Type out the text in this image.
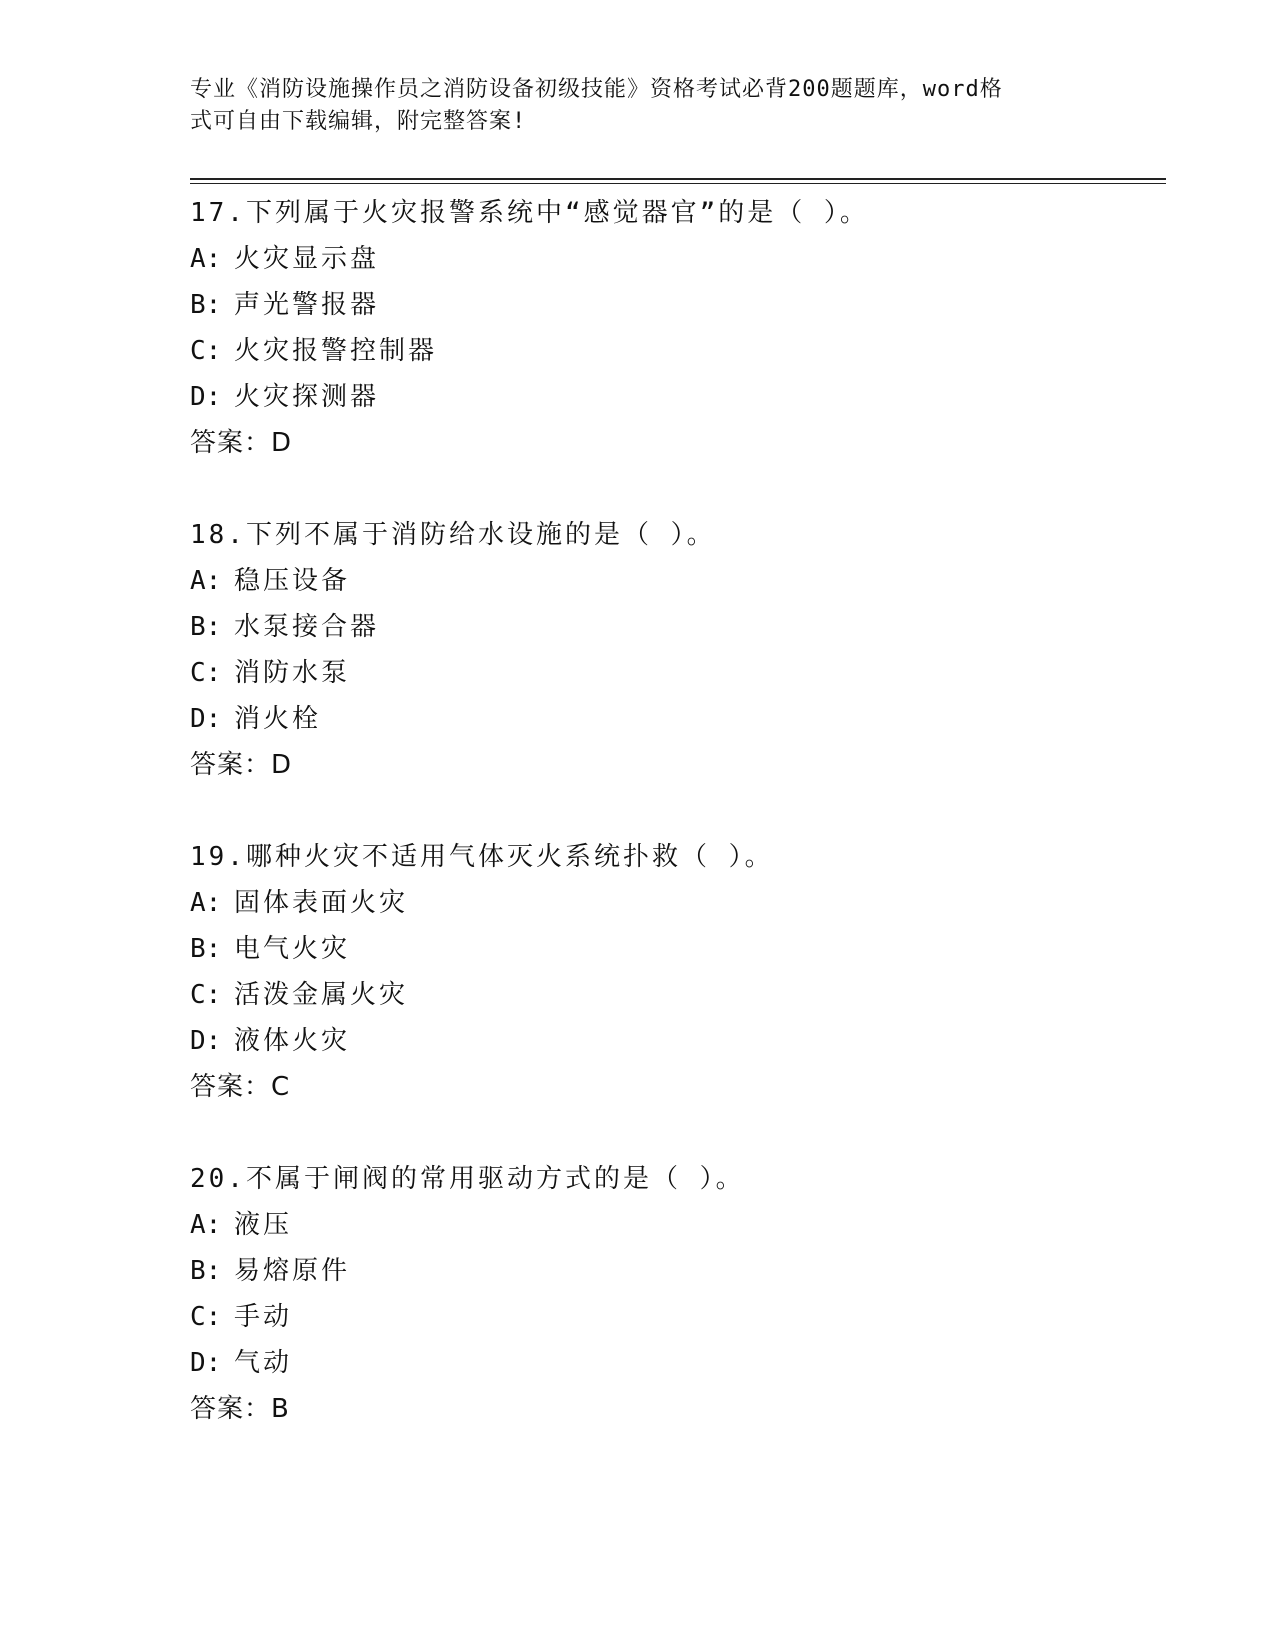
专业《消防设施操作员之消防设备初级技能》资格考试必背200题题库，word格

式可自由下载编辑，附完整答案!

17.下列属于火灾报警系统中“感觉器官”的是（ ）。
A: 火灾显示盘
B: 声光警报器
C: 火灾报警控制器
D: 火灾探测器
答案：D
18.下列不属于消防给水设施的是（ ）。
A: 稳压设备
B: 水泵接合器
C: 消防水泵
D: 消火栓
答案：D
19.哪种火灾不适用气体灭火系统扑救（ ）。
A: 固体表面火灾
B: 电气火灾
C: 活泼金属火灾
D: 液体火灾
答案：C
20.不属于闸阀的常用驱动方式的是（ ）。
A: 液压
B: 易熔原件
C: 手动
D: 气动
答案：B
